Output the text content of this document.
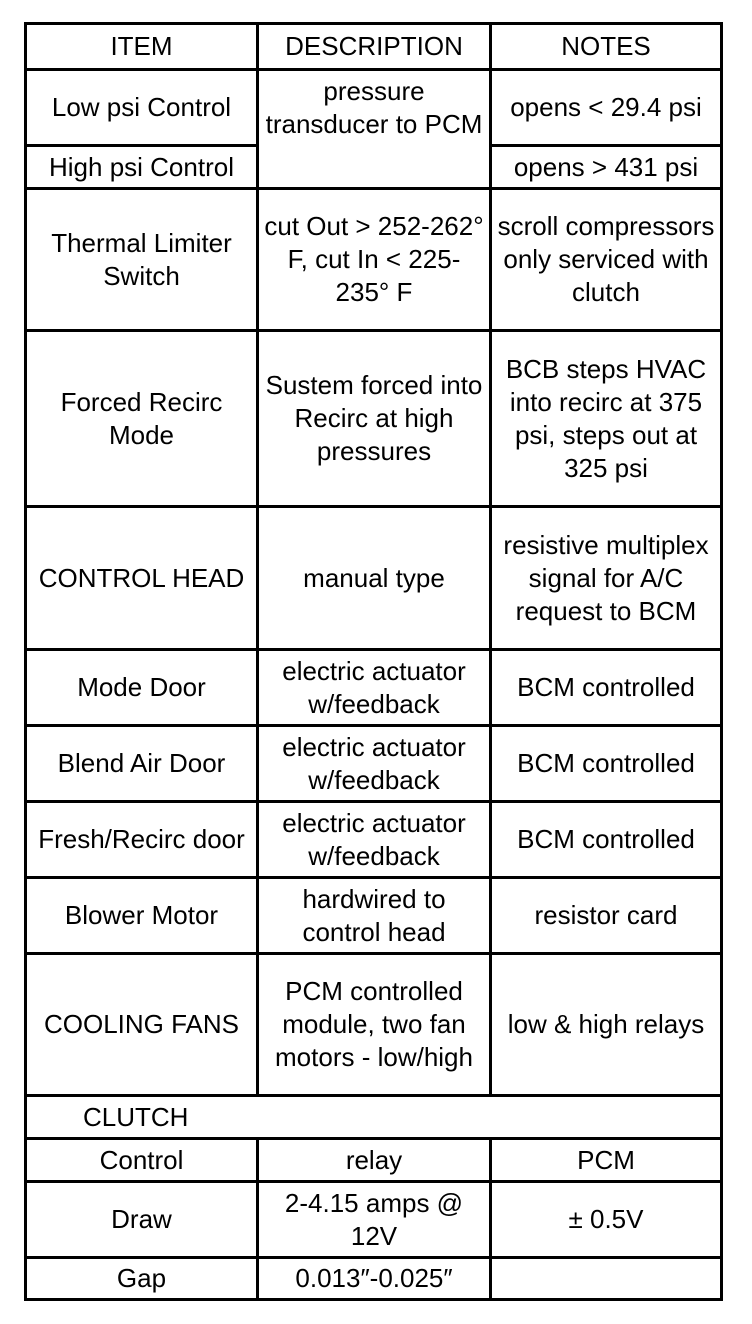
ITEM	DESCRIPTION	NOTES
Low psi Control	pressure transducer to PCM	opens < 29.4 psi
High psi Control		opens > 431 psi
Thermal Limiter Switch	cut Out > 252-262° F, cut In < 225-235° F	scroll compressors only serviced with clutch
Forced Recirc Mode	Sustem forced into Recirc at high pressures	BCB steps HVAC into recirc at 375 psi, steps out at 325 psi
CONTROL HEAD	manual type	resistive multiplex signal for A/C request to BCM
Mode Door	electric actuator w/feedback	BCM controlled
Blend Air Door	electric actuator w/feedback	BCM controlled
Fresh/Recirc door	electric actuator w/feedback	BCM controlled
Blower Motor	hardwired to control head	resistor card
COOLING FANS	PCM controlled module, two fan motors - low/high	low & high relays
CLUTCH		
Control	relay	PCM
Draw	2-4.15 amps @ 12V	± 0.5V
Gap	0.013″-0.025″	
